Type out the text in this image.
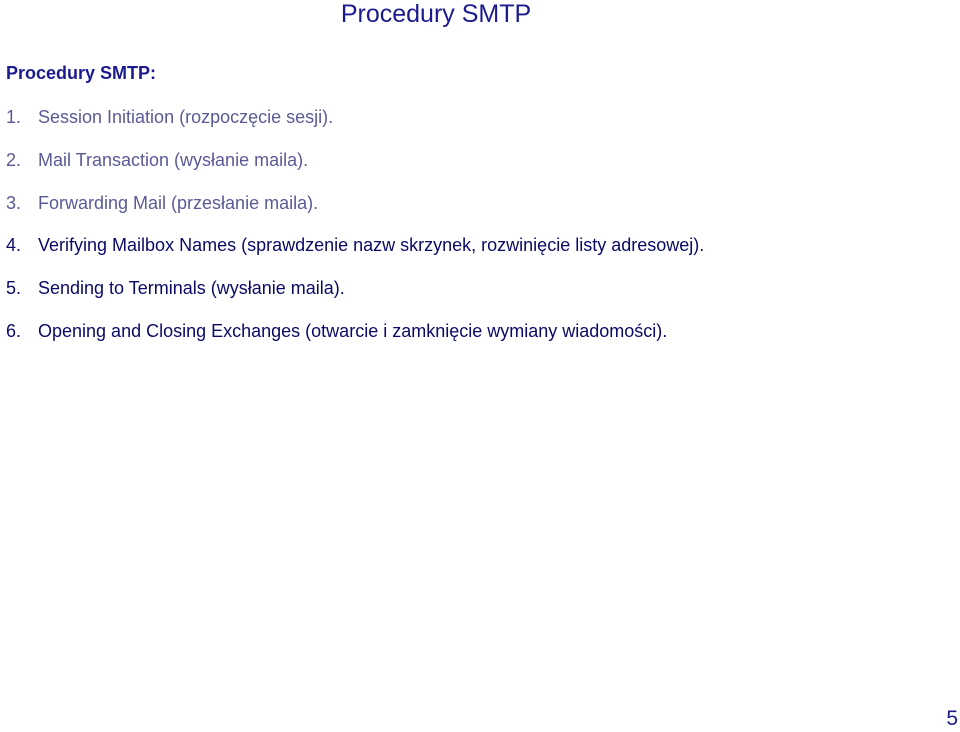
Procedury SMTP
Procedury SMTP:
1. Session Initiation (rozpoczęcie sesji).
2. Mail Transaction (wysłanie maila).
3. Forwarding Mail (przesłanie maila).
4. Verifying Mailbox Names (sprawdzenie nazw skrzynek, rozwinięcie listy adresowej).
5. Sending to Terminals (wysłanie maila).
6. Opening and Closing Exchanges (otwarcie i zamknięcie wymiany wiadomości).
5
